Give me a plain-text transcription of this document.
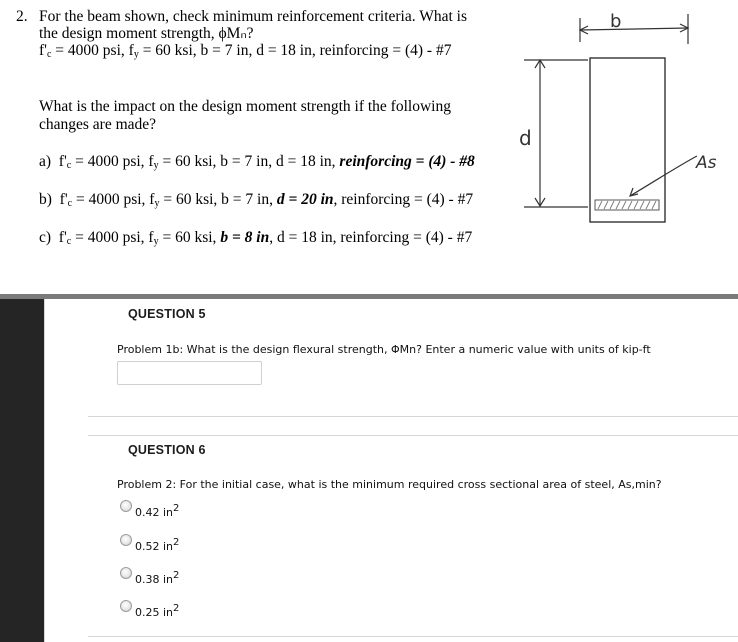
2. For the beam shown, check minimum reinforcement criteria. What is
the design moment strength, ϕMₙ?
$f'_c = 4000$ psi, $f_y = 60$ ksi, b = 7 in, d = 18 in, reinforcing = (4) - #7
What is the impact on the design moment strength if the following
changes are made?
a) $f'_c = 4000$ psi, $f_y = 60$ ksi, b = 7 in, d = 18 in, reinforcing = (4) - #8
b) $f'_c = 4000$ psi, $f_y = 60$ ksi, b = 7 in, d = 20 in, reinforcing = (4) - #7
c) $f'_c = 4000$ psi, $f_y = 60$ ksi, b = 8 in, d = 18 in, reinforcing = (4) - #7
b
d
As
QUESTION 5
Problem 1b: What is the design flexural strength, ΦMn? Enter a numeric value with units of kip-ft
QUESTION 6
Problem 2: For the initial case, what is the minimum required cross sectional area of steel, As,min?
0.42 $in^2$
0.52 $in^2$
0.38 $in^2$
0.25 $in^2$
